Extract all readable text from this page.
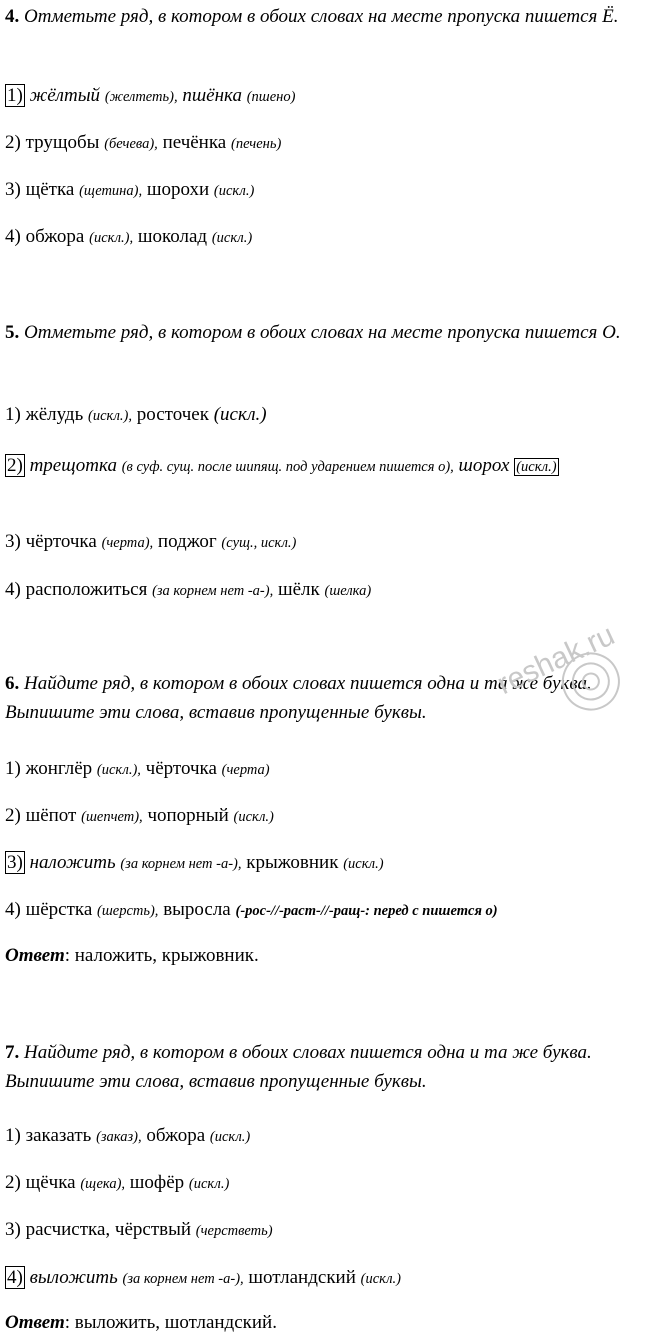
4. Отметьте ряд, в котором в обоих словах на месте пропуска пишется Ё.

1) жёлтый (желтеть), пшёнка (пшено)
2) трущобы (бечева), печёнка (печень)
3) щётка (щетина), шорохи (искл.)
4) обжора (искл.), шоколад (искл.)

5. Отметьте ряд, в котором в обоих словах на месте пропуска пишется О.

1) жёлудь (искл.), росточек (искл.)
2) трещотка (в суф. сущ. после шипящ. под ударением пишется о), шорох (искл.)
3) чёрточка (черта), поджог (сущ., искл.)
4) расположиться (за корнем нет -а-), шёлк (шелка)

6. Найдите ряд, в котором в обоих словах пишется одна и та же буква. Выпишите эти слова, вставив пропущенные буквы.

1) жонглёр (искл.), чёрточка (черта)
2) шёпот (шепчет), чопорный (искл.)
3) наложить (за корнем нет -а-), крыжовник (искл.)
4) шёрстка (шерсть), выросла (-рос-//-раст-//-ращ-: перед с пишется о)
Ответ: наложить, крыжовник.

7. Найдите ряд, в котором в обоих словах пишется одна и та же буква. Выпишите эти слова, вставив пропущенные буквы.

1) заказать (заказ), обжора (искл.)
2) щёчка (щека), шофёр (искл.)
3) расчистка, чёрствый (черстветь)
4) выложить (за корнем нет -а-), шотландский (искл.)
Ответ: выложить, шотландский.
reshak.ru
